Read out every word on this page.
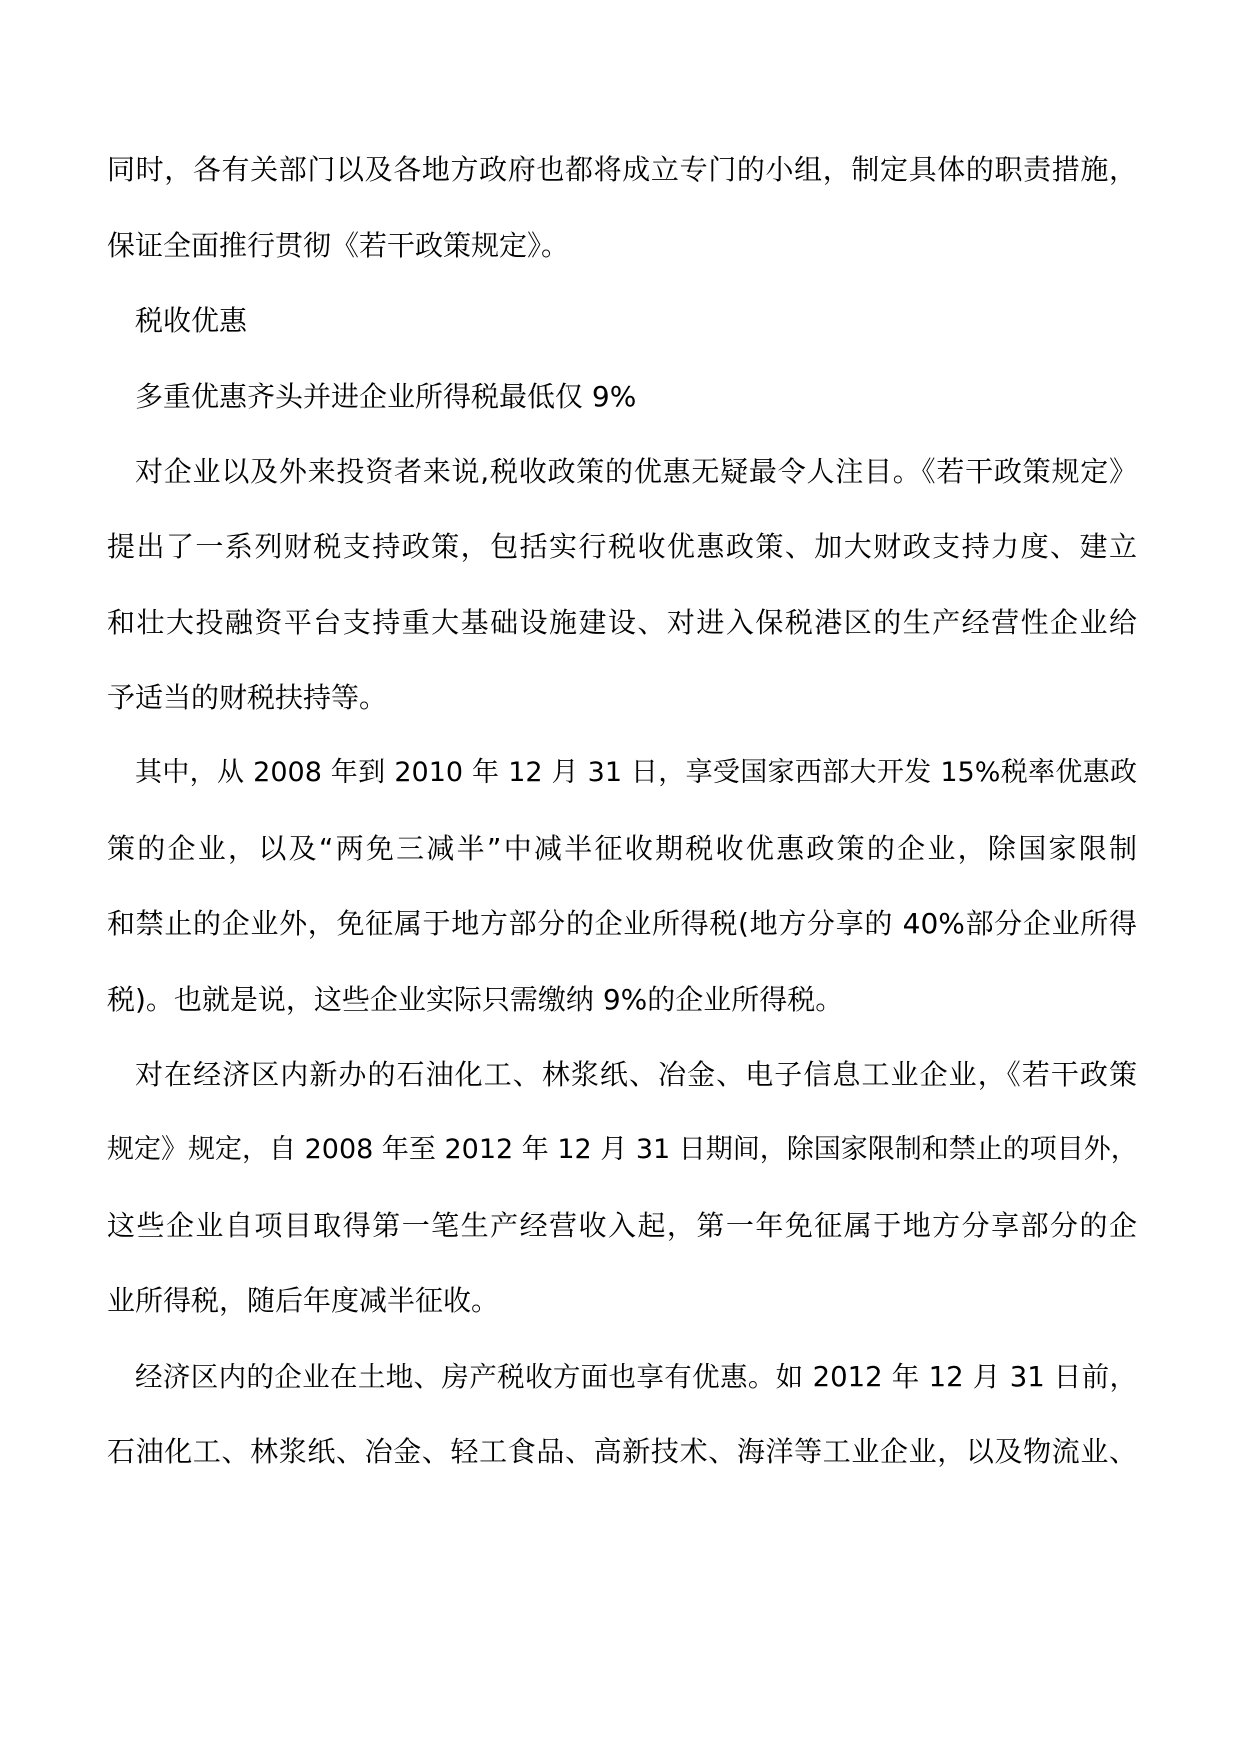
同时，各有关部门以及各地方政府也都将成立专门的小组，制定具体的职责措施，
保证全面推行贯彻《若干政策规定》。
税收优惠
多重优惠齐头并进企业所得税最低仅 9%
对企业以及外来投资者来说,税收政策的优惠无疑最令人注目。《若干政策规定》
提出了一系列财税支持政策，包括实行税收优惠政策、加大财政支持力度、建立
和壮大投融资平台支持重大基础设施建设、对进入保税港区的生产经营性企业给
予适当的财税扶持等。
其中，从 2008 年到 2010 年 12 月 31 日，享受国家西部大开发 15%税率优惠政
策的企业，以及“两免三减半”中减半征收期税收优惠政策的企业，除国家限制
和禁止的企业外，免征属于地方部分的企业所得税(地方分享的 40%部分企业所得
税)。也就是说，这些企业实际只需缴纳 9%的企业所得税。
对在经济区内新办的石油化工、林浆纸、冶金、电子信息工业企业，《若干政策
规定》规定，自 2008 年至 2012 年 12 月 31 日期间，除国家限制和禁止的项目外，
这些企业自项目取得第一笔生产经营收入起，第一年免征属于地方分享部分的企
业所得税，随后年度减半征收。
经济区内的企业在土地、房产税收方面也享有优惠。如 2012 年 12 月 31 日前，
石油化工、林浆纸、冶金、轻工食品、高新技术、海洋等工业企业，以及物流业、
